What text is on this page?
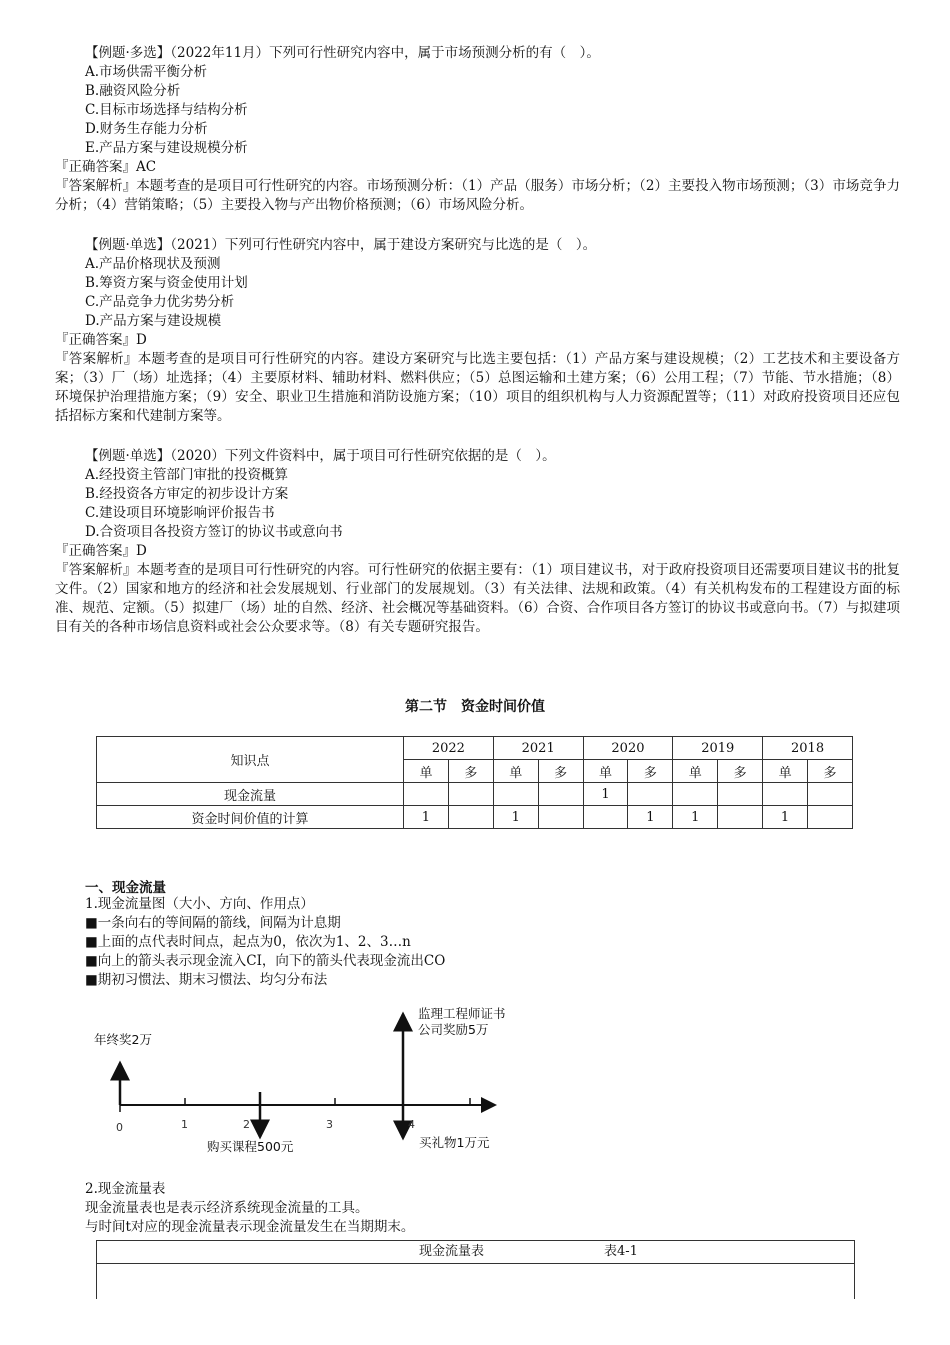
【例题·多选】（2022年11月）下列可行性研究内容中，属于市场预测分析的有（　）。
A.市场供需平衡分析
B.融资风险分析
C.目标市场选择与结构分析
D.财务生存能力分析
E.产品方案与建设规模分析
『正确答案』AC
『答案解析』本题考查的是项目可行性研究的内容。市场预测分析：（1）产品（服务）市场分析；（2）主要投入物市场预测；（3）市场竞争力分析；（4）营销策略；（5）主要投入物与产出物价格预测；（6）市场风险分析。
【例题·单选】（2021）下列可行性研究内容中，属于建设方案研究与比选的是（　）。
A.产品价格现状及预测
B.筹资方案与资金使用计划
C.产品竞争力优劣势分析
D.产品方案与建设规模
『正确答案』D
『答案解析』本题考查的是项目可行性研究的内容。建设方案研究与比选主要包括：（1）产品方案与建设规模；（2）工艺技术和主要设备方案；（3）厂（场）址选择；（4）主要原材料、辅助材料、燃料供应；（5）总图运输和土建方案；（6）公用工程；（7）节能、节水措施；（8）环境保护治理措施方案；（9）安全、职业卫生措施和消防设施方案；（10）项目的组织机构与人力资源配置等；（11）对政府投资项目还应包括招标方案和代建制方案等。
【例题·单选】（2020）下列文件资料中，属于项目可行性研究依据的是（　）。
A.经投资主管部门审批的投资概算
B.经投资各方审定的初步设计方案
C.建设项目环境影响评价报告书
D.合资项目各投资方签订的协议书或意向书
『正确答案』D
『答案解析』本题考查的是项目可行性研究的内容。可行性研究的依据主要有：（1）项目建议书，对于政府投资项目还需要项目建议书的批复文件。（2）国家和地方的经济和社会发展规划、行业部门的发展规划。（3）有关法律、法规和政策。（4）有关机构发布的工程建设方面的标准、规范、定额。（5）拟建厂（场）址的自然、经济、社会概况等基础资料。（6）合资、合作项目各方签订的协议书或意向书。（7）与拟建项目有关的各种市场信息资料或社会公众要求等。（8）有关专题研究报告。
第二节　资金时间价值
知识点	2022		2021		2020		2019		2018	
	单	多	单	多	单	多	单	多	单	多
现金流量					1					
资金时间价值的计算	1		1			1	1		1	
一、现金流量
1.现金流量图（大小、方向、作用点）
■一条向右的等间隔的箭线，间隔为计息期
■上面的点代表时间点，起点为0，依次为1、2、3…n
■向上的箭头表示现金流入CI，向下的箭头代表现金流出CO
■期初习惯法、期末习惯法、均匀分布法
0	1	2	3	4
年终奖2万
监理工程师证书
公司奖励5万
购买课程500元	买礼物1万元
2.现金流量表
现金流量表也是表示经济系统现金流量的工具。
与时间t对应的现金流量表示现金流量发生在当期期末。
现金流量表	表4-1
